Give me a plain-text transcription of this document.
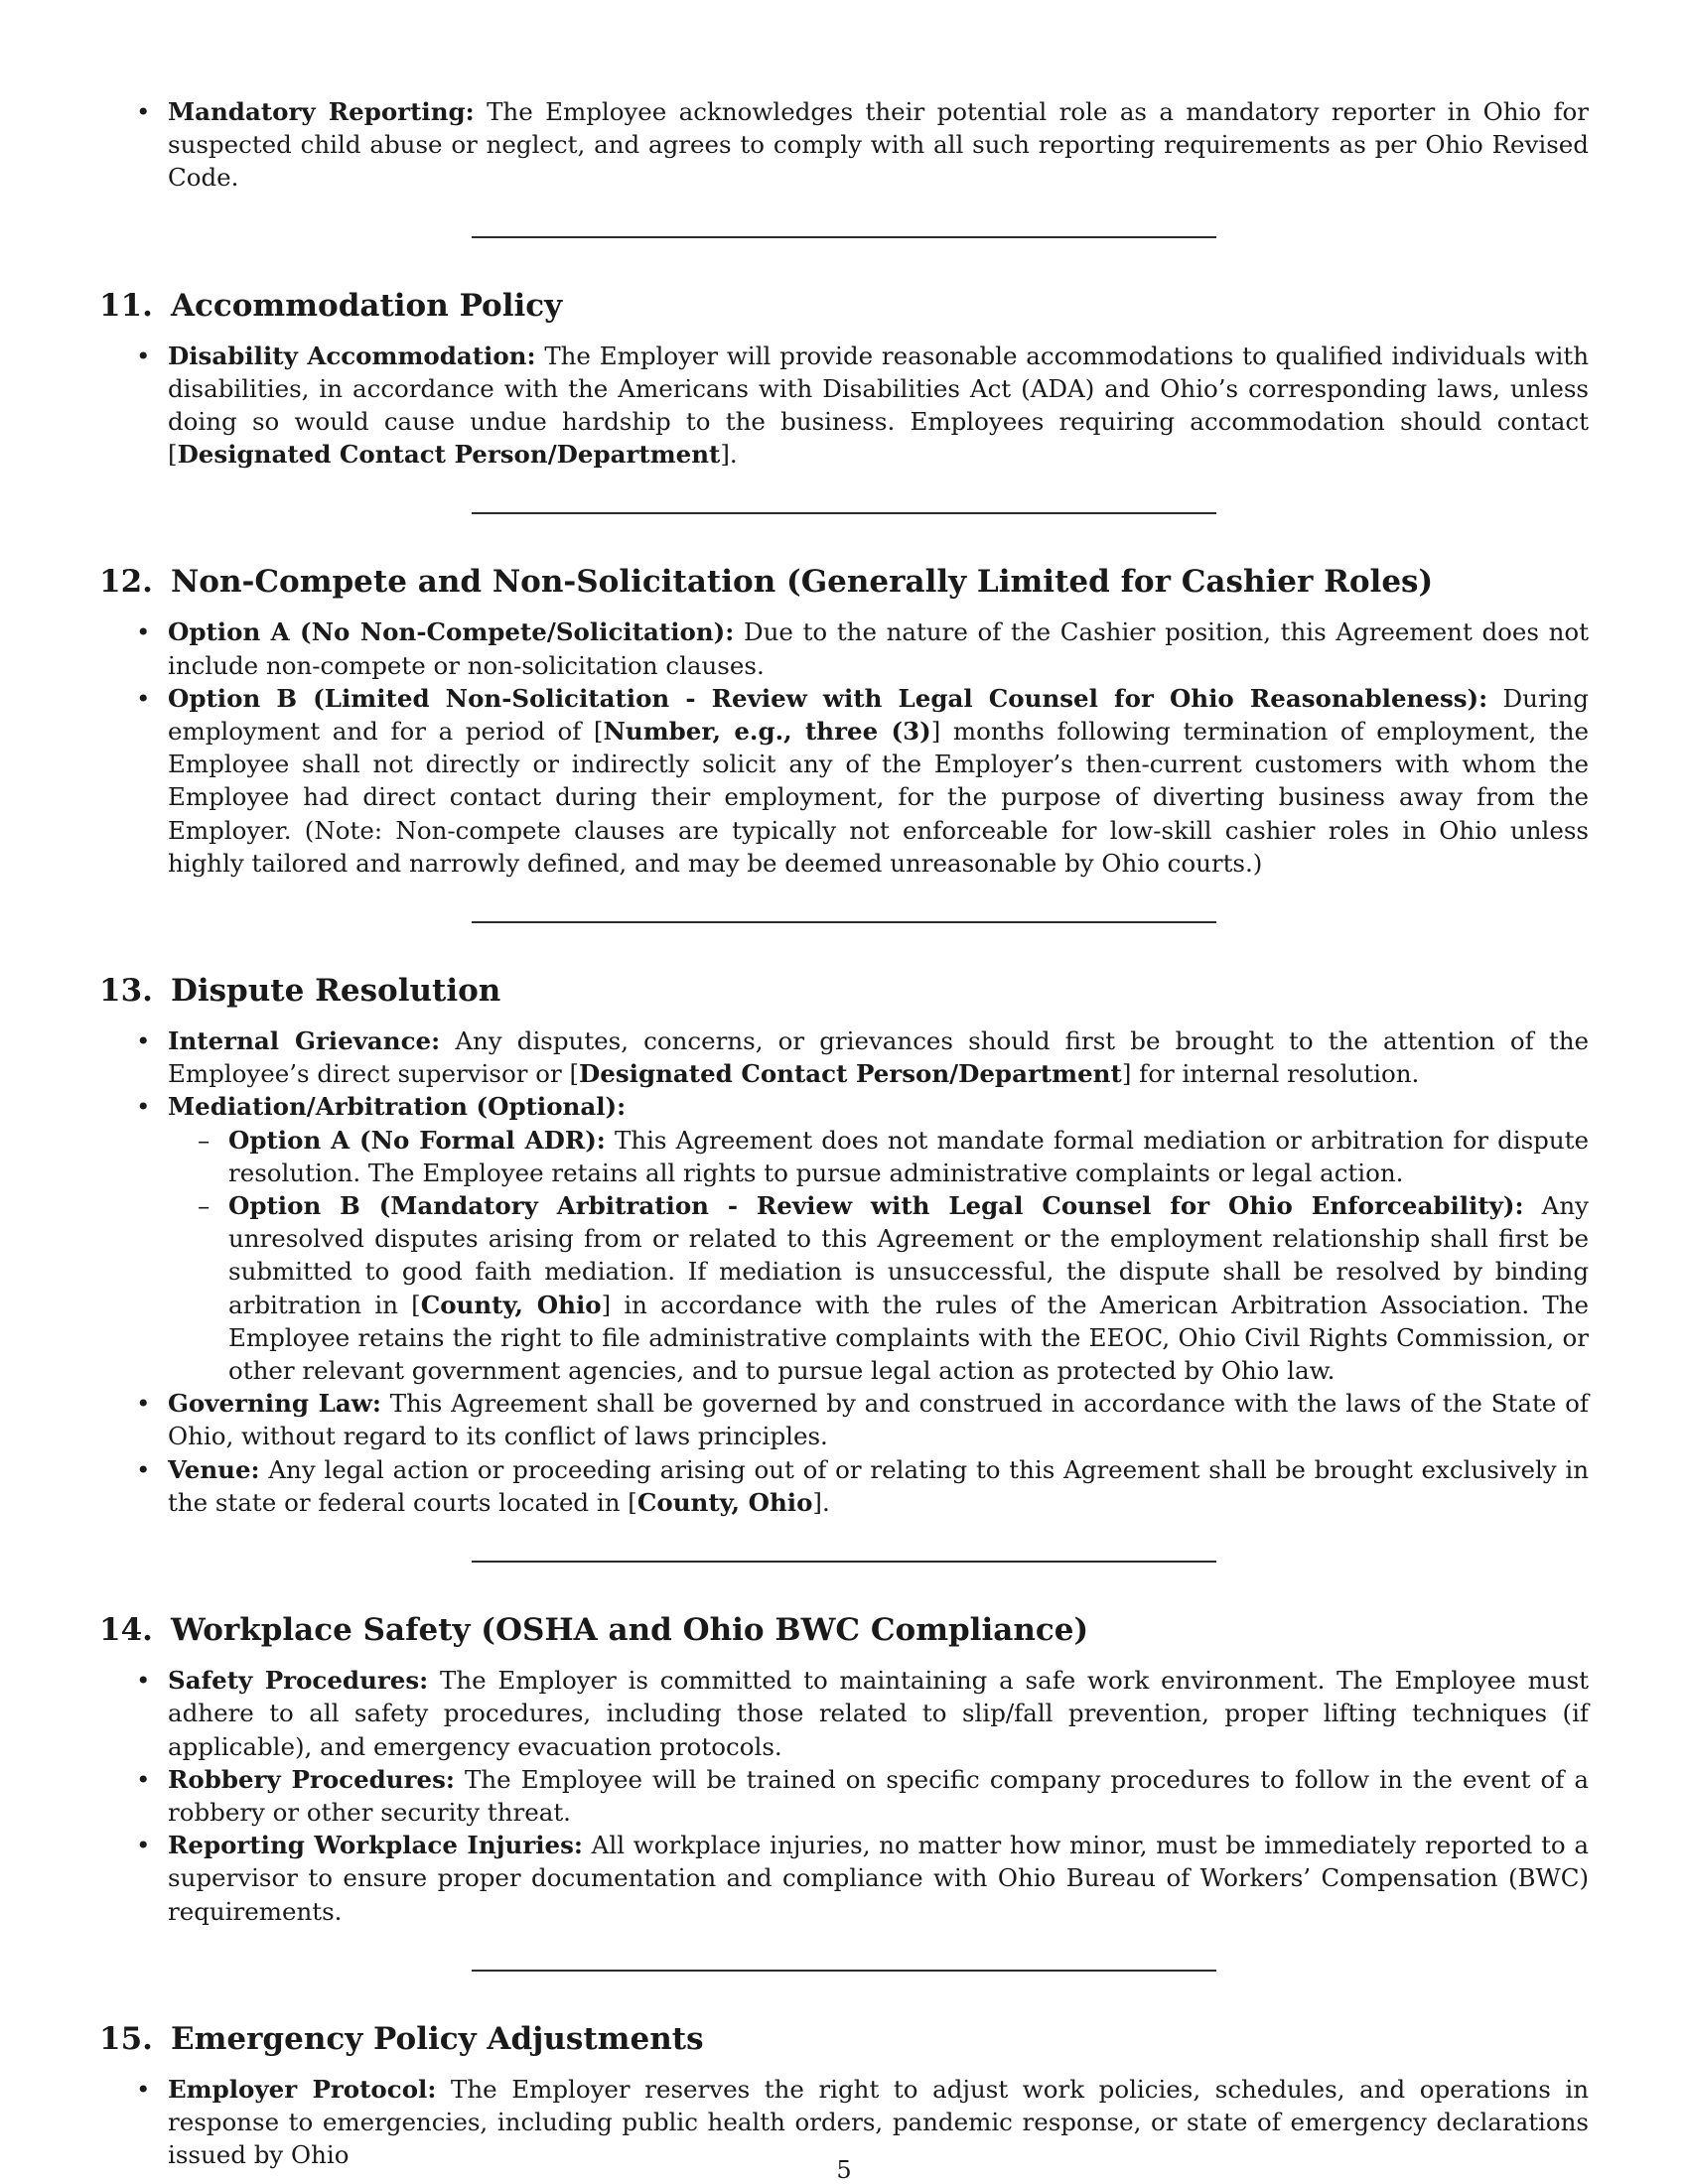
• Mandatory Reporting: The Employee acknowledges their potential role as a mandatory reporter in Ohio for suspected child abuse or neglect, and agrees to comply with all such reporting requirements as per Ohio Revised Code.
11. Accommodation Policy
• Disability Accommodation: The Employer will provide reasonable accommodations to qualified individuals with disabilities, in accordance with the Americans with Disabilities Act (ADA) and Ohio’s corresponding laws, unless doing so would cause undue hardship to the business. Employees requiring accommodation should contact [Designated Contact Person/Department].
12. Non-Compete and Non-Solicitation (Generally Limited for Cashier Roles)
• Option A (No Non-Compete/Solicitation): Due to the nature of the Cashier position, this Agreement does not include non-compete or non-solicitation clauses.
• Option B (Limited Non-Solicitation - Review with Legal Counsel for Ohio Reasonableness): During employment and for a period of [Number, e.g., three (3)] months following termination of employment, the Employee shall not directly or indirectly solicit any of the Employer’s then-current customers with whom the Employee had direct contact during their employment, for the purpose of diverting business away from the Employer. (Note: Non-compete clauses are typically not enforceable for low-skill cashier roles in Ohio unless highly tailored and narrowly defined, and may be deemed unreasonable by Ohio courts.)
13. Dispute Resolution
• Internal Grievance: Any disputes, concerns, or grievances should first be brought to the attention of the Employee’s direct supervisor or [Designated Contact Person/Department] for internal resolution.
• Mediation/Arbitration (Optional):
– Option A (No Formal ADR): This Agreement does not mandate formal mediation or arbitration for dispute resolution. The Employee retains all rights to pursue administrative complaints or legal action.
– Option B (Mandatory Arbitration - Review with Legal Counsel for Ohio Enforceability): Any unresolved disputes arising from or related to this Agreement or the employment relationship shall first be submitted to good faith mediation. If mediation is unsuccessful, the dispute shall be resolved by binding arbitration in [County, Ohio] in accordance with the rules of the American Arbitration Association. The Employee retains the right to file administrative complaints with the EEOC, Ohio Civil Rights Commission, or other relevant government agencies, and to pursue legal action as protected by Ohio law.
• Governing Law: This Agreement shall be governed by and construed in accordance with the laws of the State of Ohio, without regard to its conflict of laws principles.
• Venue: Any legal action or proceeding arising out of or relating to this Agreement shall be brought exclusively in the state or federal courts located in [County, Ohio].
14. Workplace Safety (OSHA and Ohio BWC Compliance)
• Safety Procedures: The Employer is committed to maintaining a safe work environment. The Employee must adhere to all safety procedures, including those related to slip/fall prevention, proper lifting techniques (if applicable), and emergency evacuation protocols.
• Robbery Procedures: The Employee will be trained on specific company procedures to follow in the event of a robbery or other security threat.
• Reporting Workplace Injuries: All workplace injuries, no matter how minor, must be immediately reported to a supervisor to ensure proper documentation and compliance with Ohio Bureau of Workers’ Compensation (BWC) requirements.
15. Emergency Policy Adjustments
• Employer Protocol: The Employer reserves the right to adjust work policies, schedules, and operations in response to emergencies, including public health orders, pandemic response, or state of emergency declarations issued by Ohio
5
